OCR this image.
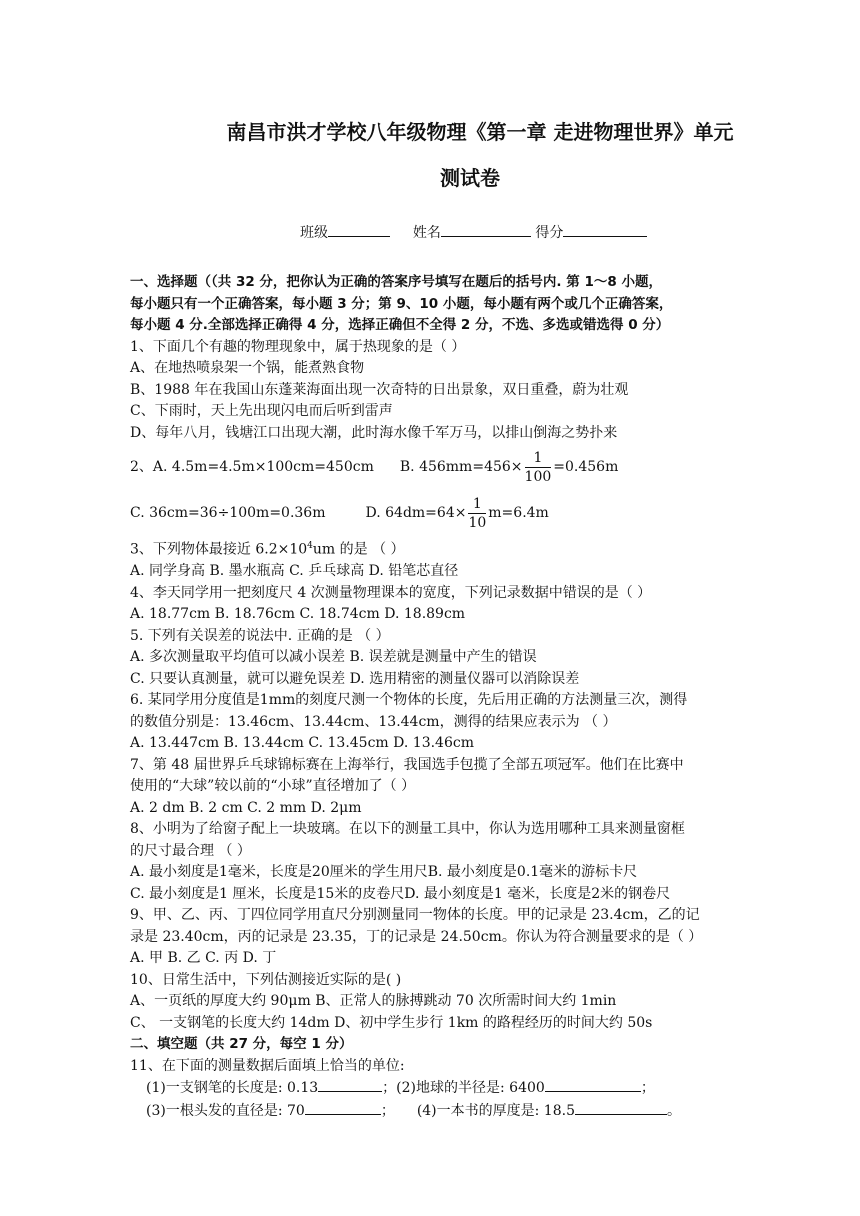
南昌市洪才学校八年级物理《第一章 走进物理世界》单元
测试卷
班级	姓名	得分
一、选择题（（共 32 分，把你认为正确的答案序号填写在题后的括号内. 第 1～8 小题，
每小题只有一个正确答案，每小题 3 分；第 9、10 小题，每小题有两个或几个正确答案，
每小题 4 分.全部选择正确得 4 分，选择正确但不全得 2 分，不选、多选或错选得 0 分）
1、下面几个有趣的物理现象中，属于热现象的是（ ）
A、在地热喷泉架一个锅，能煮熟食物
B、1988 年在我国山东蓬莱海面出现一次奇特的日出景象，双日重叠，蔚为壮观
C、下雨时，天上先出现闪电而后听到雷声
D、每年八月，钱塘江口出现大潮，此时海水像千军万马，以排山倒海之势扑来
2、A. 4.5m=4.5m×100cm=450cm B. $456mm=456\times \frac{1}{100} =0.456m$
C. 36cm=36÷100m=0.36m	D. $64dm=64\times \frac{1}{10} m=6.4m$
3、下列物体最接近 $6.2\times 10^4um$ 的是 （ ）
A. 同学身高 B. 墨水瓶高 C. 乒乓球高 D. 铅笔芯直径
4、李天同学用一把刻度尺 4 次测量物理课本的宽度，下列记录数据中错误的是（ ）
A. 18.77cm B. 18.76cm C. 18.74cm D. 18.89cm
5. 下列有关误差的说法中. 正确的是 （ ）
A. 多次测量取平均值可以减小误差 B. 误差就是测量中产生的错误
C. 只要认真测量，就可以避免误差 D. 选用精密的测量仪器可以消除误差
6. 某同学用分度值是1mm的刻度尺测一个物体的长度，先后用正确的方法测量三次，测得
的数值分别是：13.46cm、13.44cm、13.44cm，测得的结果应表示为 （ ）
A. 13.447cm B. 13.44cm C. 13.45cm D. 13.46cm
7、第 48 届世界乒乓球锦标赛在上海举行，我国选手包揽了全部五项冠军。他们在比赛中
使用的“大球”较以前的“小球”直径增加了（ ）
A. 2 dm B. 2 cm C. 2 mm D. 2μm
8、小明为了给窗子配上一块玻璃。在以下的测量工具中，你认为选用哪种工具来测量窗框
的尺寸最合理 （ ）
A. 最小刻度是1毫米，长度是20厘米的学生用尺B. 最小刻度是0.1毫米的游标卡尺
C. 最小刻度是1 厘米，长度是15米的皮卷尺D. 最小刻度是1 毫米，长度是2米的钢卷尺
9、甲、乙、丙、丁四位同学用直尺分别测量同一物体的长度。甲的记录是 23.4cm，乙的记
录是 23.40cm，丙的记录是 23.35，丁的记录是 24.50cm。你认为符合测量要求的是（ ）
A. 甲 B. 乙 C. 丙 D. 丁
10、日常生活中，下列估测接近实际的是( )
A、一页纸的厚度大约 90μm B、正常人的脉搏跳动 70 次所需时间大约 1min
C、 一支钢笔的长度大约 14dm D、初中学生步行 1km 的路程经历的时间大约 50s
二、填空题（共 27 分，每空 1 分）
11、在下面的测量数据后面填上恰当的单位:
(1)一支钢笔的长度是: 0.13	；(2)地球的半径是: 6400	；
(3)一根头发的直径是: 70	； (4)一本书的厚度是: 18.5	。
